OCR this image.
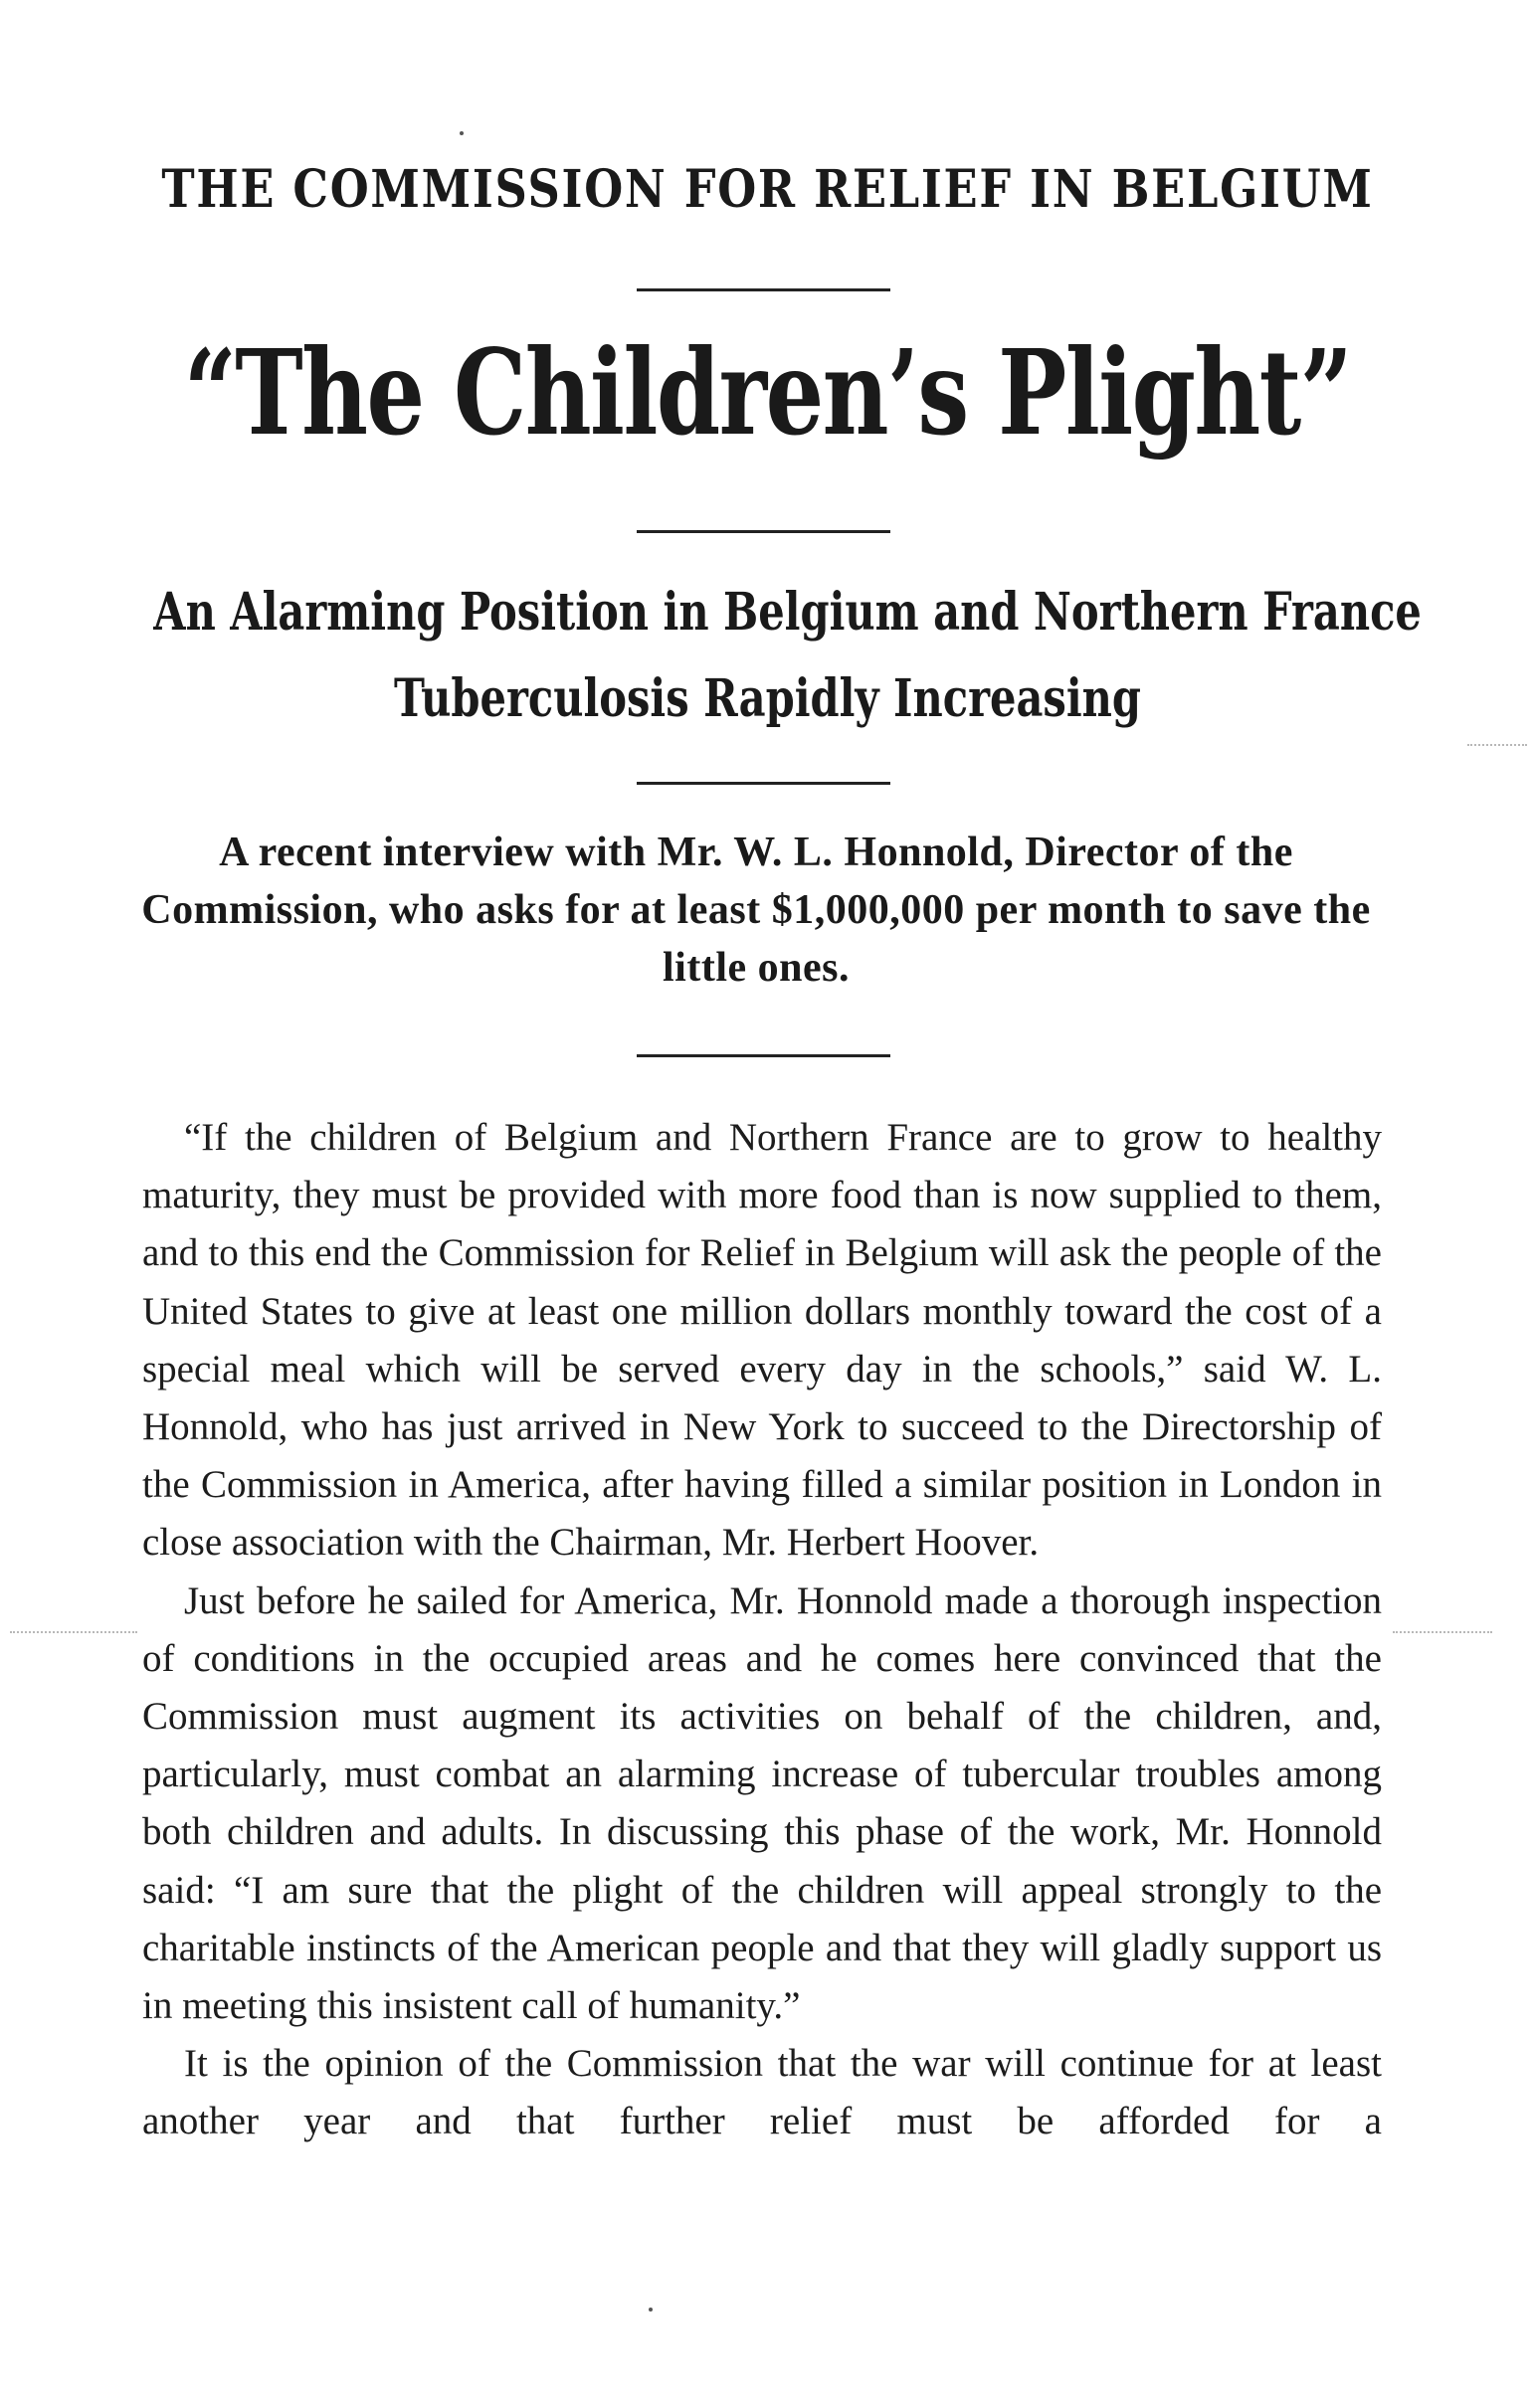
THE COMMISSION FOR RELIEF IN BELGIUM
“The Children’s Plight”
An Alarming Position in Belgium and Northern France
Tuberculosis Rapidly Increasing
A recent interview with Mr. W. L. Honnold, Director of the Commission, who asks for at least $1,000,000 per month to save the little ones.

“If the children of Belgium and Northern France are to grow to healthy maturity, they must be provided with more food than is now supplied to them, and to this end the Commission for Relief in Belgium will ask the people of the United States to give at least one million dollars monthly toward the cost of a special meal which will be served every day in the schools,” said W. L. Honnold, who has just arrived in New York to succeed to the Directorship of the Commission in America, after having filled a similar position in London in close association with the Chairman, Mr. Herbert Hoover.

Just before he sailed for America, Mr. Honnold made a thorough inspection of conditions in the occupied areas and he comes here convinced that the Commission must augment its activities on behalf of the children, and, particularly, must combat an alarming increase of tubercular troubles among both children and adults. In discussing this phase of the work, Mr. Honnold said: “I am sure that the plight of the children will appeal strongly to the charitable instincts of the American people and that they will gladly support us in meeting this insistent call of humanity.”

It is the opinion of the Commission that the war will continue for at least another year and that further relief must be afforded for a
